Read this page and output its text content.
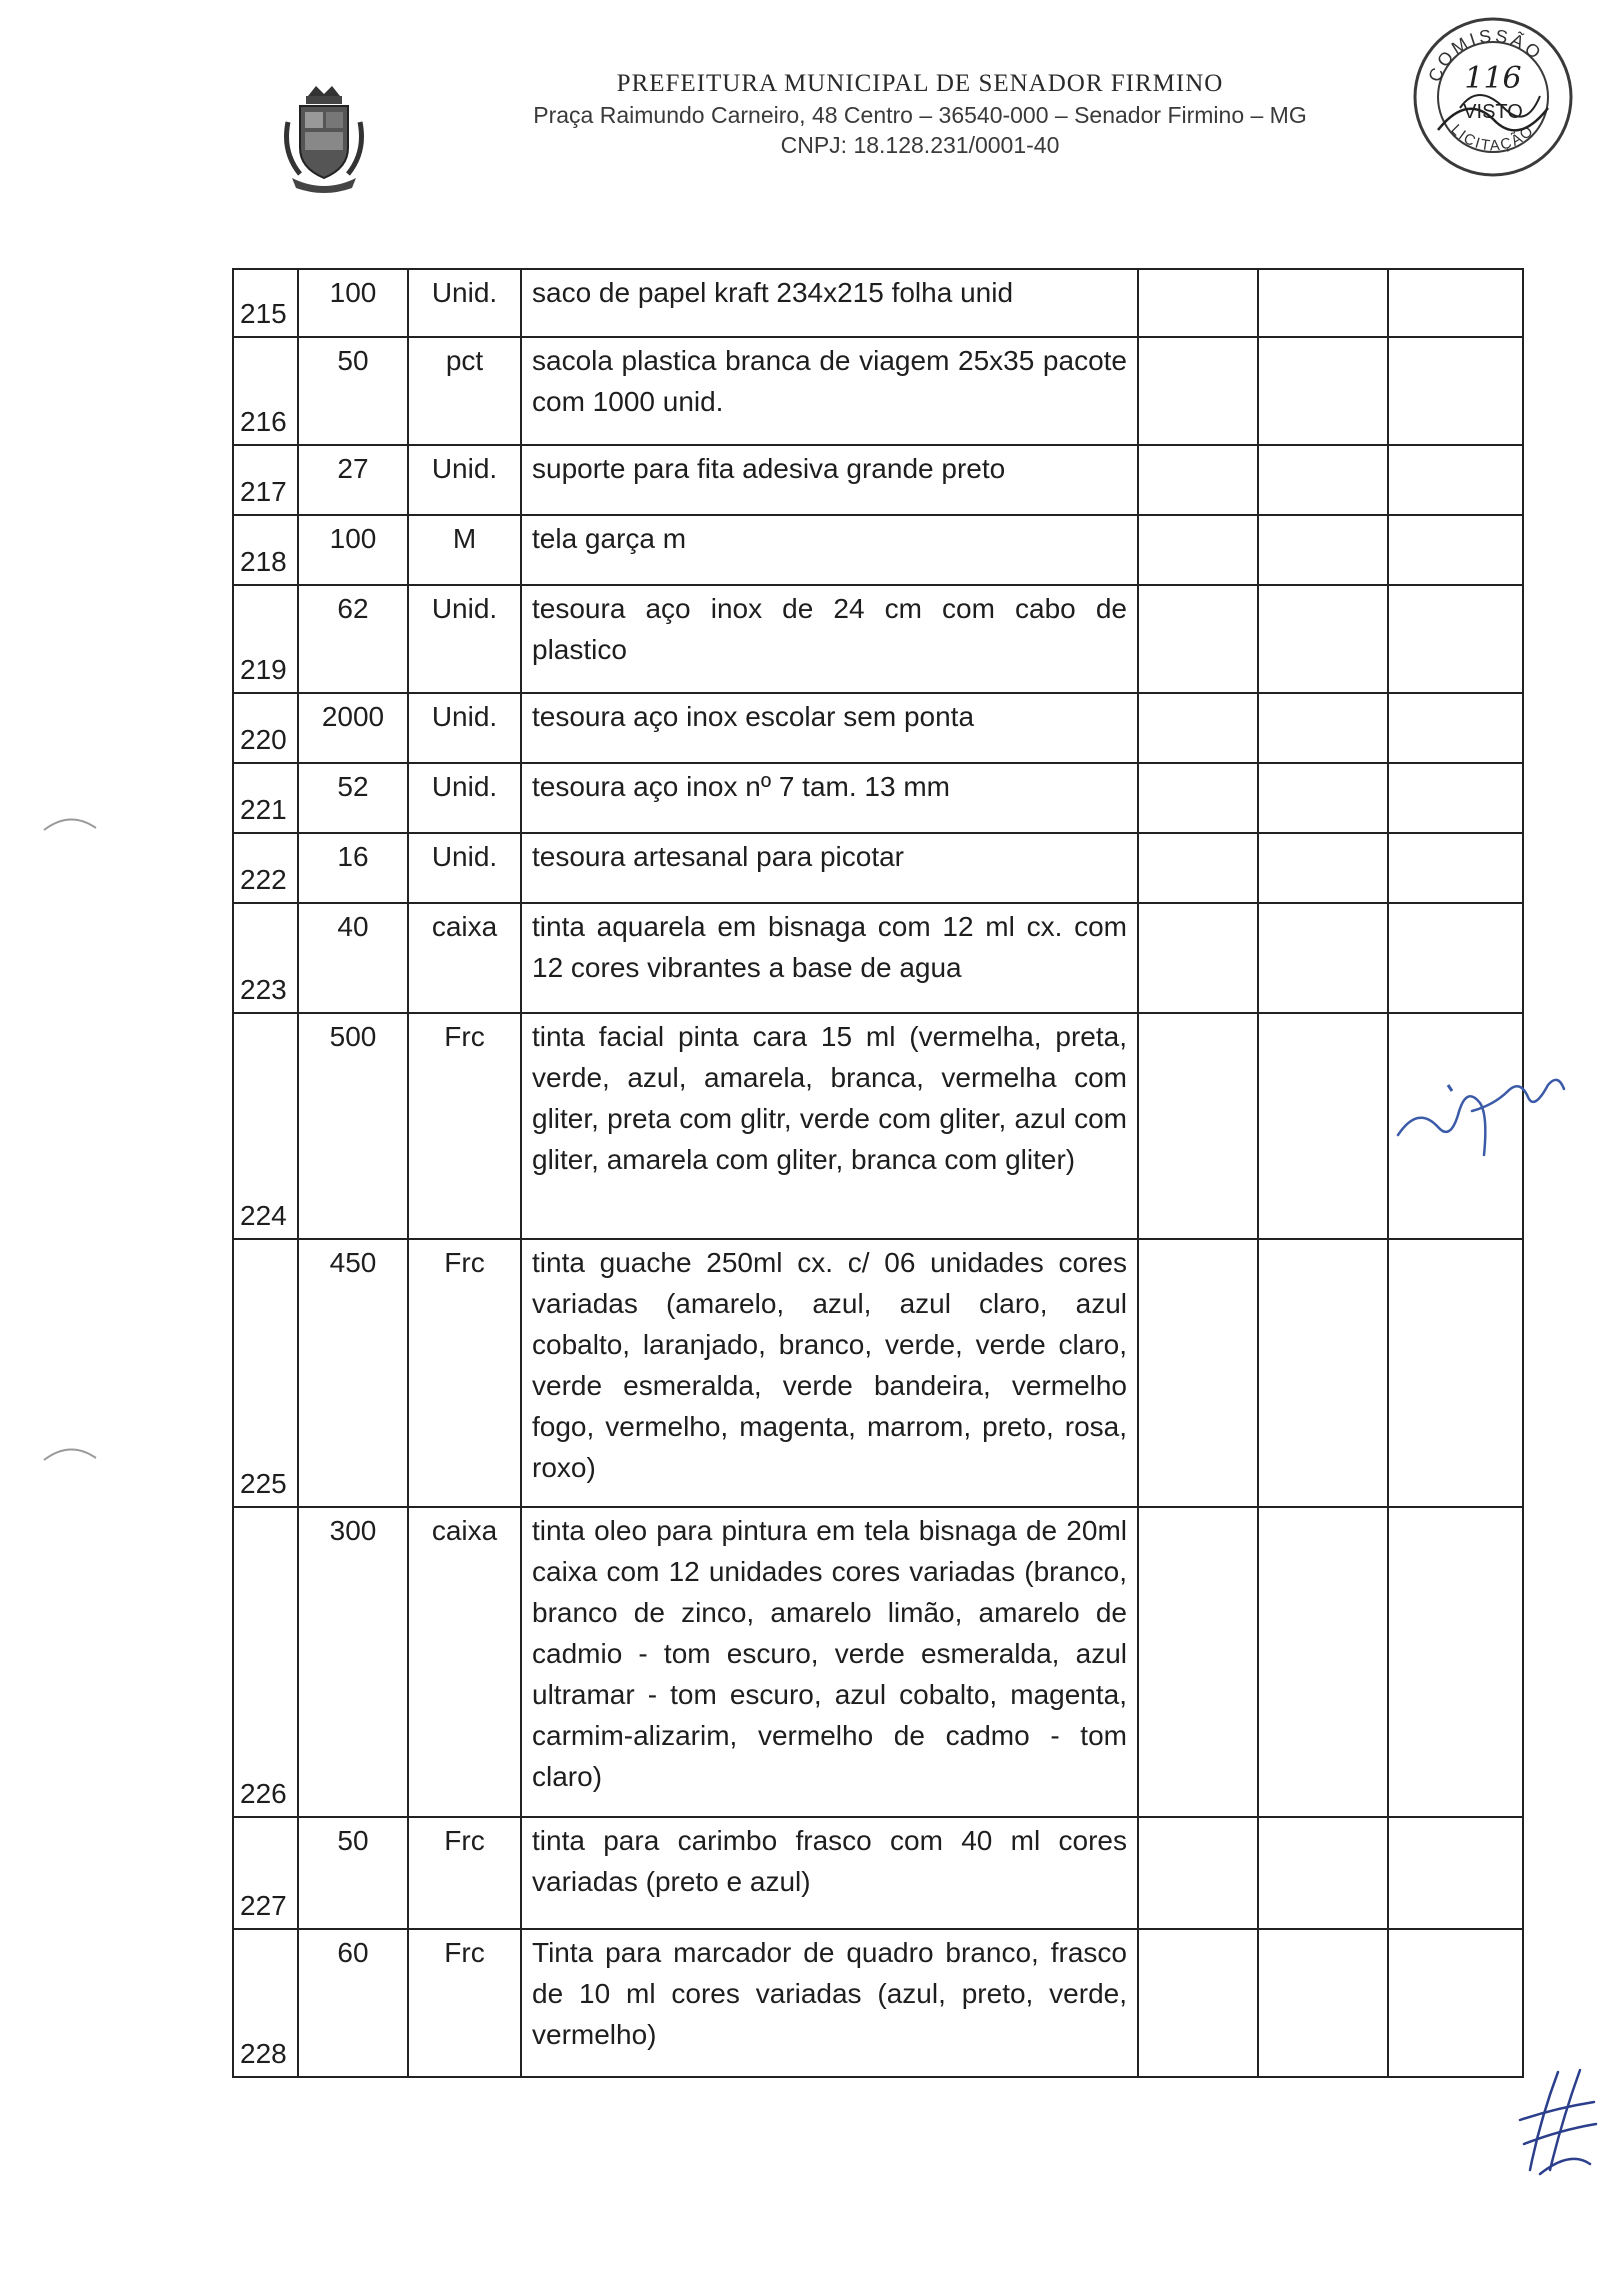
PREFEITURA MUNICIPAL DE SENADOR FIRMINO
Praça Raimundo Carneiro, 48 Centro – 36540-000 – Senador Firmino – MG
CNPJ: 18.128.231/0001-40
COMISSÃO
116
VISTO
LICITAÇÃO
215	100	Unid.	saco de papel kraft 234x215 folha unid			
216	50	pct	sacola plastica branca de viagem 25x35 pacote com 1000 unid.			
217	27	Unid.	suporte para fita adesiva grande preto			
218	100	M	tela garça m			
219	62	Unid.	tesoura aço inox de 24 cm com cabo de plastico			
220	2000	Unid.	tesoura aço inox escolar sem ponta			
221	52	Unid.	tesoura aço inox nº 7 tam. 13 mm			
222	16	Unid.	tesoura artesanal para picotar			
223	40	caixa	tinta aquarela em bisnaga com 12 ml cx. com 12 cores vibrantes a base de agua			
224	500	Frc	tinta facial pinta cara 15 ml (vermelha, preta, verde, azul, amarela, branca, vermelha com gliter, preta com glitr, verde com gliter, azul com gliter, amarela com gliter, branca com gliter)			
225	450	Frc	tinta guache 250ml cx. c/ 06 unidades cores variadas (amarelo, azul, azul claro, azul cobalto, laranjado, branco, verde, verde claro, verde esmeralda, verde bandeira, vermelho fogo, vermelho, magenta, marrom, preto, rosa, roxo)			
226	300	caixa	tinta oleo para pintura em tela bisnaga de 20ml caixa com 12 unidades cores variadas (branco, branco de zinco, amarelo limão, amarelo de cadmio - tom escuro, verde esmeralda, azul ultramar - tom escuro, azul cobalto, magenta, carmim-alizarim, vermelho de cadmo - tom claro)			
227	50	Frc	tinta para carimbo frasco com 40 ml cores variadas (preto e azul)			
228	60	Frc	Tinta para marcador de quadro branco, frasco de 10 ml cores variadas (azul, preto, verde, vermelho)			
